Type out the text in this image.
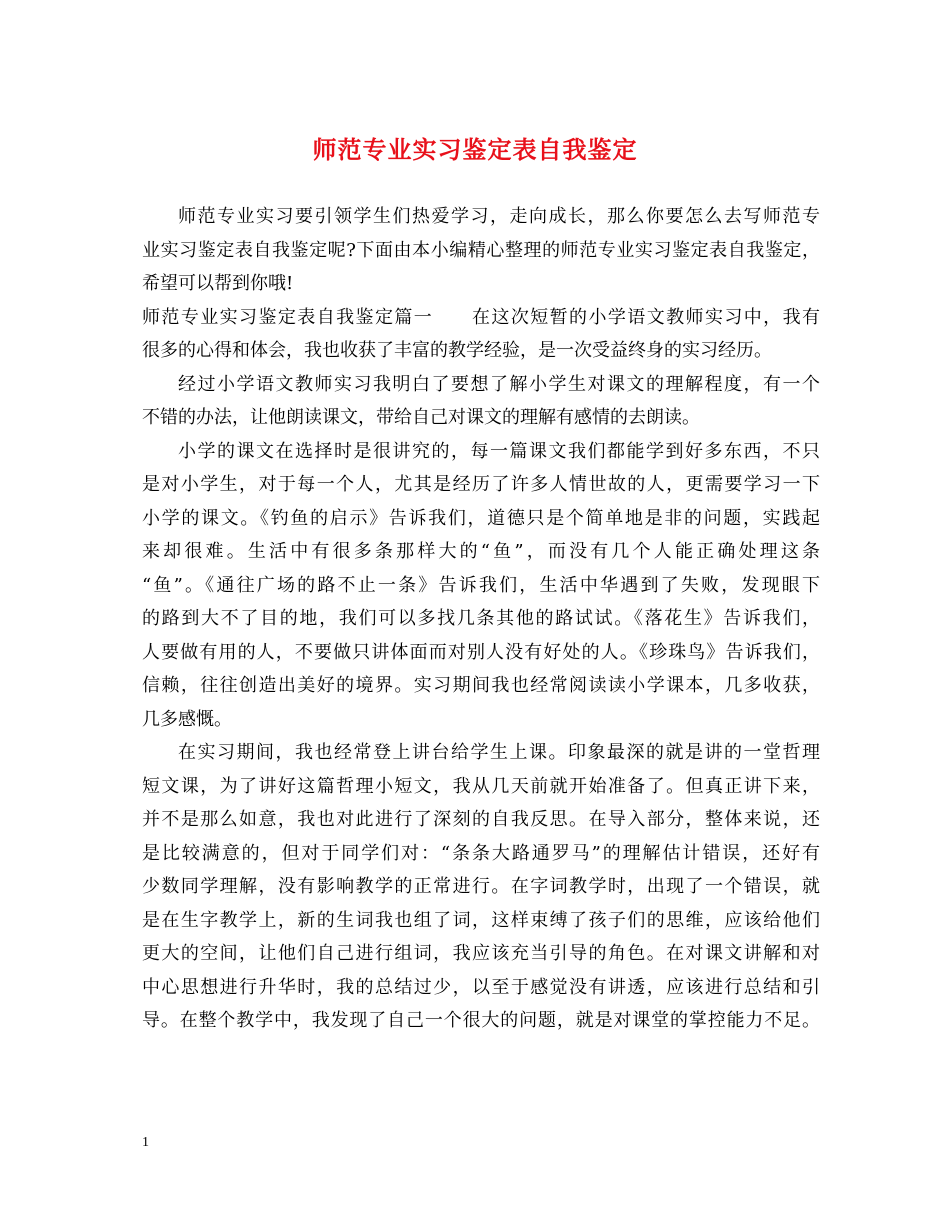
师范专业实习鉴定表自我鉴定
师范专业实习要引领学生们热爱学习，走向成长，那么你要怎么去写师范专
业实习鉴定表自我鉴定呢?下面由本小编精心整理的师范专业实习鉴定表自我鉴定，
希望可以帮到你哦!
师范专业实习鉴定表自我鉴定篇一　　在这次短暂的小学语文教师实习中，我有
很多的心得和体会，我也收获了丰富的教学经验，是一次受益终身的实习经历。
经过小学语文教师实习我明白了要想了解小学生对课文的理解程度，有一个
不错的办法，让他朗读课文，带给自己对课文的理解有感情的去朗读。
小学的课文在选择时是很讲究的，每一篇课文我们都能学到好多东西，不只
是对小学生，对于每一个人，尤其是经历了许多人情世故的人，更需要学习一下
小学的课文。《钓鱼的启示》告诉我们，道德只是个简单地是非的问题，实践起
来却很难。生活中有很多条那样大的“鱼”，而没有几个人能正确处理这条
“鱼”。《通往广场的路不止一条》告诉我们，生活中华遇到了失败，发现眼下
的路到大不了目的地，我们可以多找几条其他的路试试。《落花生》告诉我们，
人要做有用的人，不要做只讲体面而对别人没有好处的人。《珍珠鸟》告诉我们，
信赖，往往创造出美好的境界。实习期间我也经常阅读读小学课本，几多收获，
几多感慨。
在实习期间，我也经常登上讲台给学生上课。印象最深的就是讲的一堂哲理
短文课，为了讲好这篇哲理小短文，我从几天前就开始准备了。但真正讲下来，
并不是那么如意，我也对此进行了深刻的自我反思。在导入部分，整体来说，还
是比较满意的，但对于同学们对：“条条大路通罗马”的理解估计错误，还好有
少数同学理解，没有影响教学的正常进行。在字词教学时，出现了一个错误，就
是在生字教学上，新的生词我也组了词，这样束缚了孩子们的思维，应该给他们
更大的空间，让他们自己进行组词，我应该充当引导的角色。在对课文讲解和对
中心思想进行升华时，我的总结过少，以至于感觉没有讲透，应该进行总结和引
导。在整个教学中，我发现了自己一个很大的问题，就是对课堂的掌控能力不足。
1
